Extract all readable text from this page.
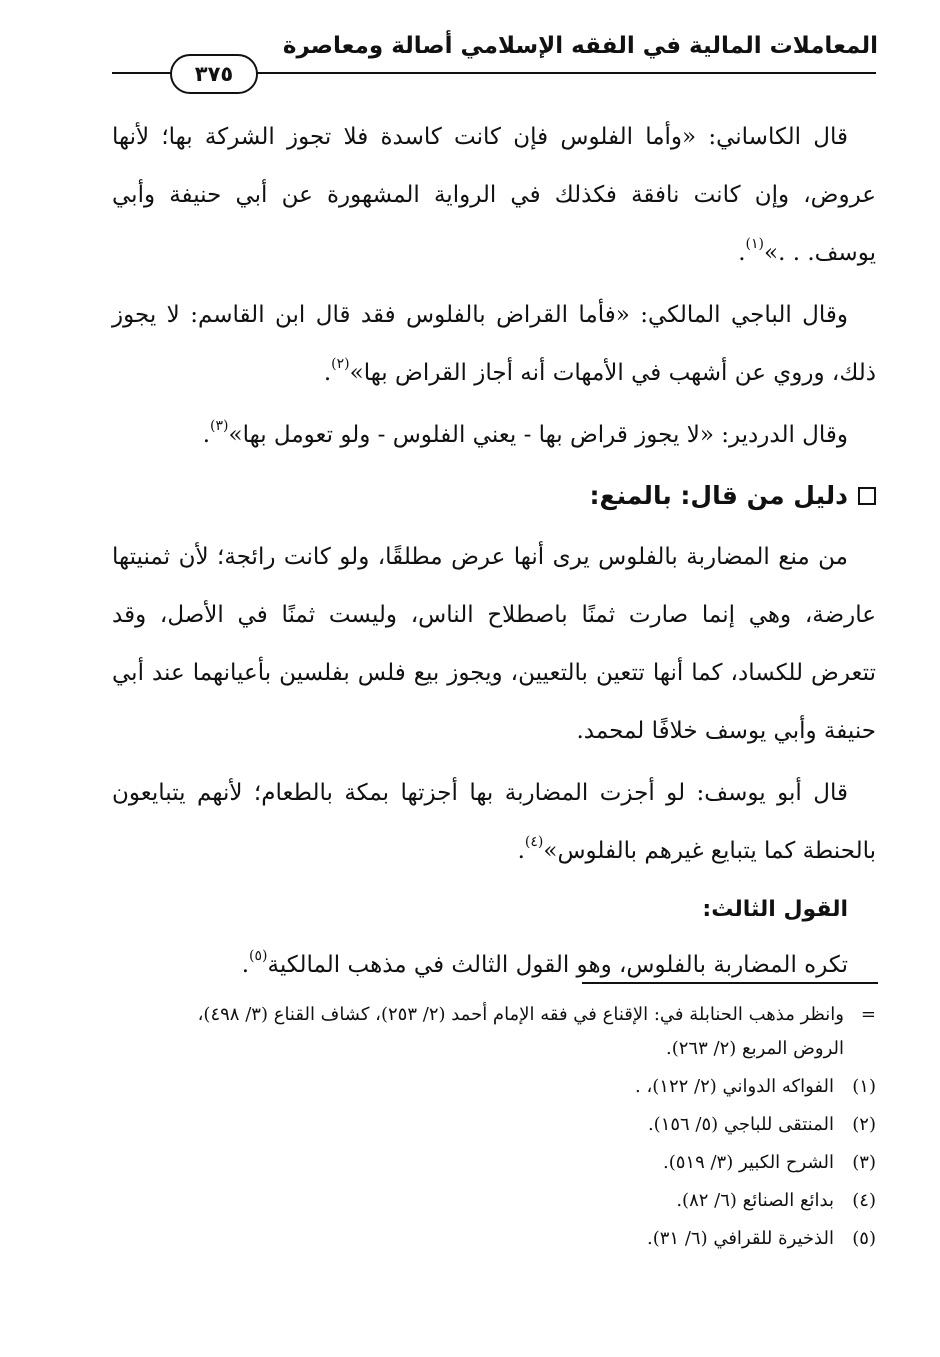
المعاملات المالية في الفقه الإسلامي أصالة ومعاصرة
٣٧٥

قال الكاساني: «وأما الفلوس فإن كانت كاسدة فلا تجوز الشركة بها؛ لأنها عروض، وإن كانت نافقة فكذلك في الرواية المشهورة عن أبي حنيفة وأبي يوسف. . .»$^{(١)}$.

وقال الباجي المالكي: «فأما القراض بالفلوس فقد قال ابن القاسم: لا يجوز ذلك، وروي عن أشهب في الأمهات أنه أجاز القراض بها»$^{(٢)}$.

وقال الدردير: «لا يجوز قراض بها - يعني الفلوس - ولو تعومل بها»$^{(٣)}$.

دليل من قال: بالمنع:

من منع المضاربة بالفلوس يرى أنها عرض مطلقًا، ولو كانت رائجة؛ لأن ثمنيتها عارضة، وهي إنما صارت ثمنًا باصطلاح الناس، وليست ثمنًا في الأصل، وقد تتعرض للكساد، كما أنها تتعين بالتعيين، ويجوز بيع فلس بفلسين بأعيانهما عند أبي حنيفة وأبي يوسف خلافًا لمحمد.

قال أبو يوسف: لو أجزت المضاربة بها أجزتها بمكة بالطعام؛ لأنهم يتبايعون بالحنطة كما يتبايع غيرهم بالفلوس»$^{(٤)}$.

القول الثالث:

تكره المضاربة بالفلوس، وهو القول الثالث في مذهب المالكية$^{(٥)}$.

=وانظر مذهب الحنابلة في: الإقناع في فقه الإمام أحمد (٢/ ٢٥٣)، كشاف القناع (٣/ ٤٩٨)،
الروض المربع (٢/ ٢٦٣).

(١)
الفواكه الدواني (٢/ ١٢٢)، .
(٢)
المنتقى للباجي (٥/ ١٥٦).
(٣)
الشرح الكبير (٣/ ٥١٩).
(٤)
بدائع الصنائع (٦/ ٨٢).
(٥)
الذخيرة للقرافي (٦/ ٣١).
